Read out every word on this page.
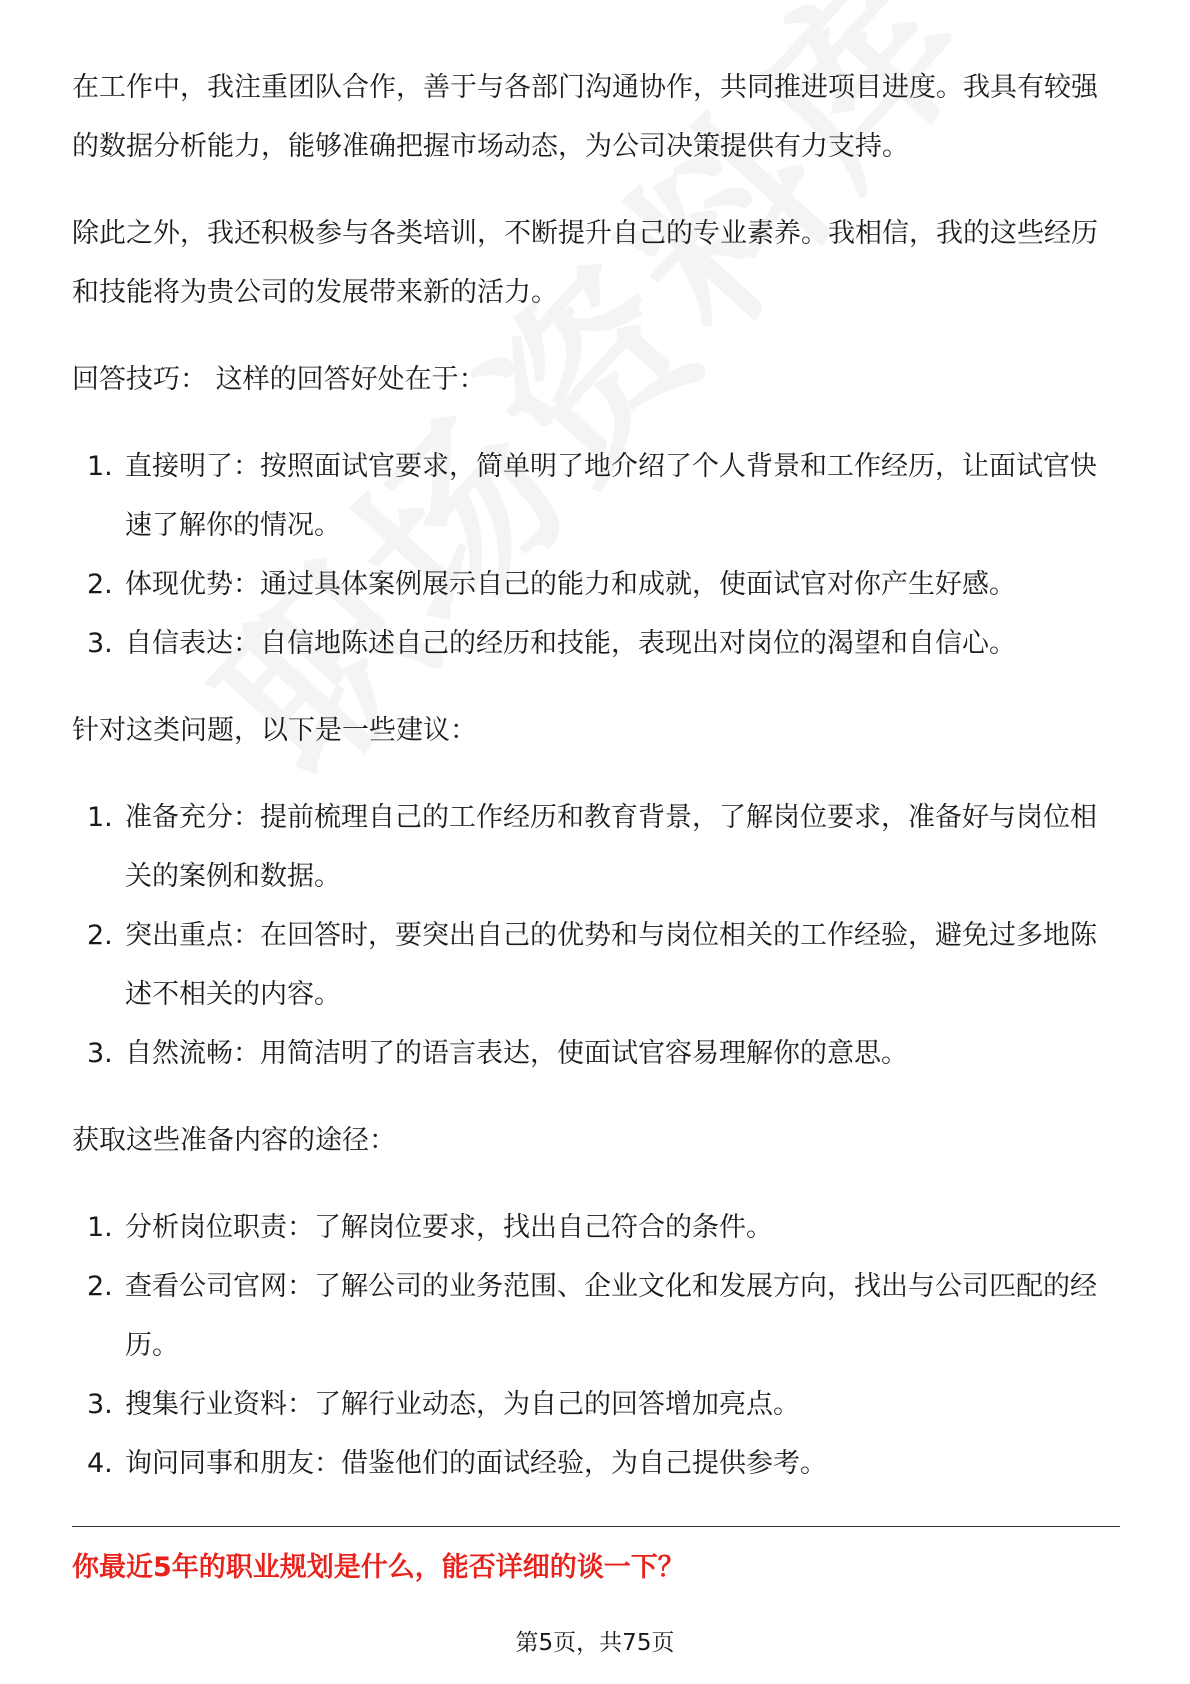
在工作中，我注重团队合作，善于与各部门沟通协作，共同推进项目进度。我具有较强的数据分析能力，能够准确把握市场动态，为公司决策提供有力支持。

除此之外，我还积极参与各类培训，不断提升自己的专业素养。我相信，我的这些经历和技能将为贵公司的发展带来新的活力。

回答技巧： 这样的回答好处在于：

1. 直接明了：按照面试官要求，简单明了地介绍了个人背景和工作经历，让面试官快速了解你的情况。
2. 体现优势：通过具体案例展示自己的能力和成就，使面试官对你产生好感。
3. 自信表达：自信地陈述自己的经历和技能，表现出对岗位的渴望和自信心。

针对这类问题，以下是一些建议：

1. 准备充分：提前梳理自己的工作经历和教育背景，了解岗位要求，准备好与岗位相关的案例和数据。
2. 突出重点：在回答时，要突出自己的优势和与岗位相关的工作经验，避免过多地陈述不相关的内容。
3. 自然流畅：用简洁明了的语言表达，使面试官容易理解你的意思。

获取这些准备内容的途径：

1. 分析岗位职责：了解岗位要求，找出自己符合的条件。
2. 查看公司官网：了解公司的业务范围、企业文化和发展方向，找出与公司匹配的经历。
3. 搜集行业资料：了解行业动态，为自己的回答增加亮点。
4. 询问同事和朋友：借鉴他们的面试经验，为自己提供参考。
你最近5年的职业规划是什么，能否详细的谈一下？
第5页，共75页
